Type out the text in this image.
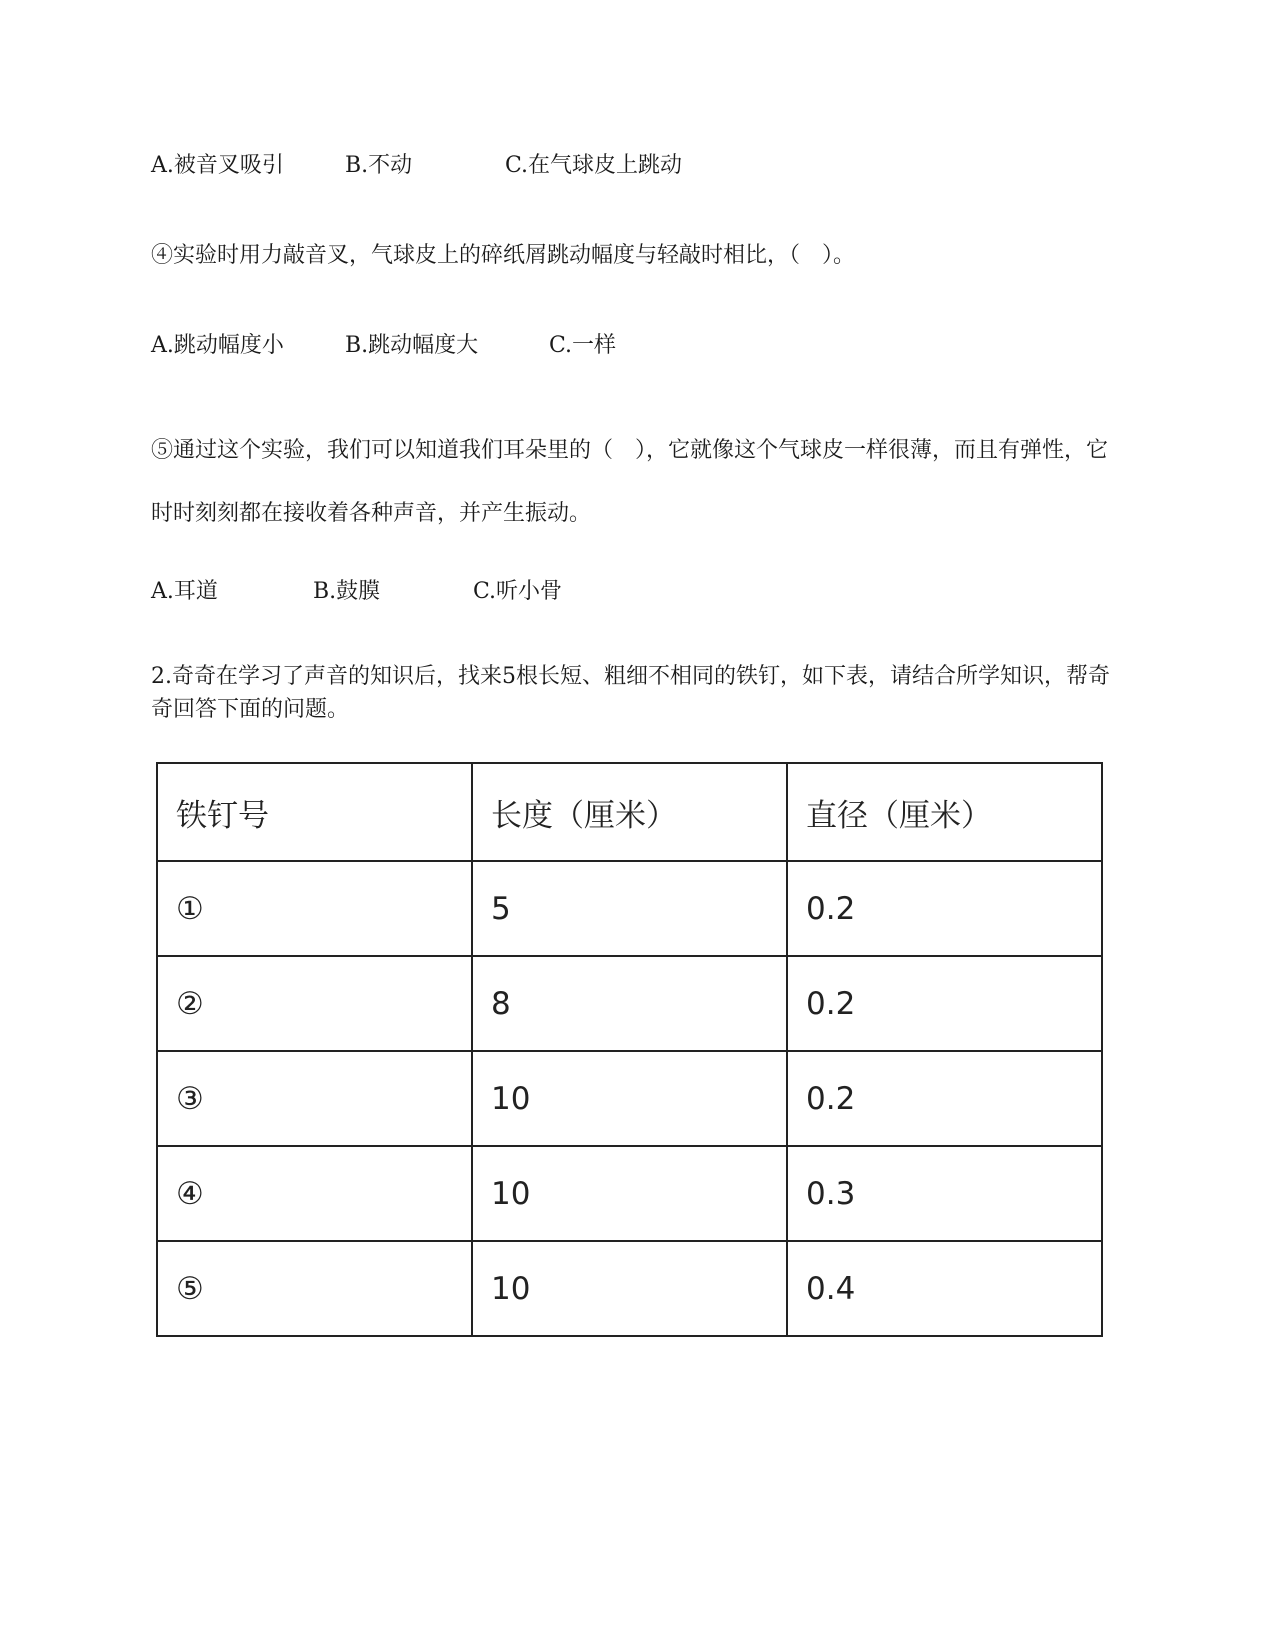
A.被音叉吸引	B.不动	C.在气球皮上跳动
④实验时用力敲音叉，气球皮上的碎纸屑跳动幅度与轻敲时相比，（　）。
A.跳动幅度小	B.跳动幅度大	C.一样
⑤通过这个实验，我们可以知道我们耳朵里的（　），它就像这个气球皮一样很薄，而且有弹性，它时时刻刻都在接收着各种声音，并产生振动。
A.耳道	B.鼓膜	C.听小骨
2.奇奇在学习了声音的知识后，找来5根长短、粗细不相同的铁钉，如下表，请结合所学知识，帮奇奇回答下面的问题。
铁钉号	长度（厘米）	直径（厘米）
①	5	0.2
②	8	0.2
③	10	0.2
④	10	0.3
⑤	10	0.4
